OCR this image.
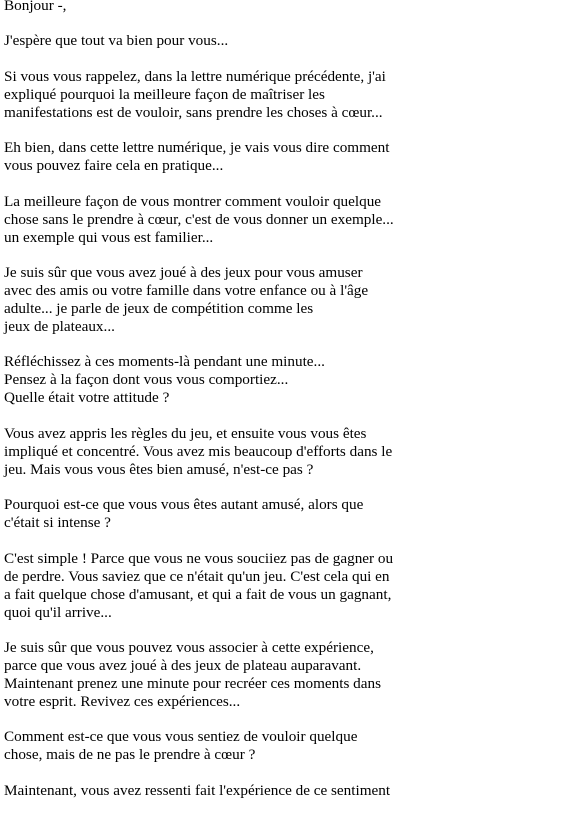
Bonjour -,

J'espère que tout va bien pour vous...

Si vous vous rappelez, dans la lettre numérique précédente, j'ai
expliqué pourquoi la meilleure façon de maîtriser les
manifestations est de vouloir, sans prendre les choses à cœur...

Eh bien, dans cette lettre numérique, je vais vous dire comment
vous pouvez faire cela en pratique...

La meilleure façon de vous montrer comment vouloir quelque
chose sans le prendre à cœur, c'est de vous donner un exemple...
un exemple qui vous est familier...

Je suis sûr que vous avez joué à des jeux pour vous amuser
avec des amis ou votre famille dans votre enfance ou à l'âge
adulte... je parle de jeux de compétition comme les
jeux de plateaux...

Réfléchissez à ces moments-là pendant une minute...
Pensez à la façon dont vous vous comportiez...
Quelle était votre attitude ?

Vous avez appris les règles du jeu, et ensuite vous vous êtes
impliqué et concentré. Vous avez mis beaucoup d'efforts dans le
jeu. Mais vous vous êtes bien amusé, n'est-ce pas ?

Pourquoi est-ce que vous vous êtes autant amusé, alors que
c'était si intense ?

C'est simple ! Parce que vous ne vous souciiez pas de gagner ou
de perdre. Vous saviez que ce n'était qu'un jeu. C'est cela qui en
a fait quelque chose d'amusant, et qui a fait de vous un gagnant,
quoi qu'il arrive...

Je suis sûr que vous pouvez vous associer à cette expérience,
parce que vous avez joué à des jeux de plateau auparavant.
Maintenant prenez une minute pour recréer ces moments dans
votre esprit. Revivez ces expériences...

Comment est-ce que vous vous sentiez de vouloir quelque
chose, mais de ne pas le prendre à cœur ?

Maintenant, vous avez ressenti fait l'expérience de ce sentiment
